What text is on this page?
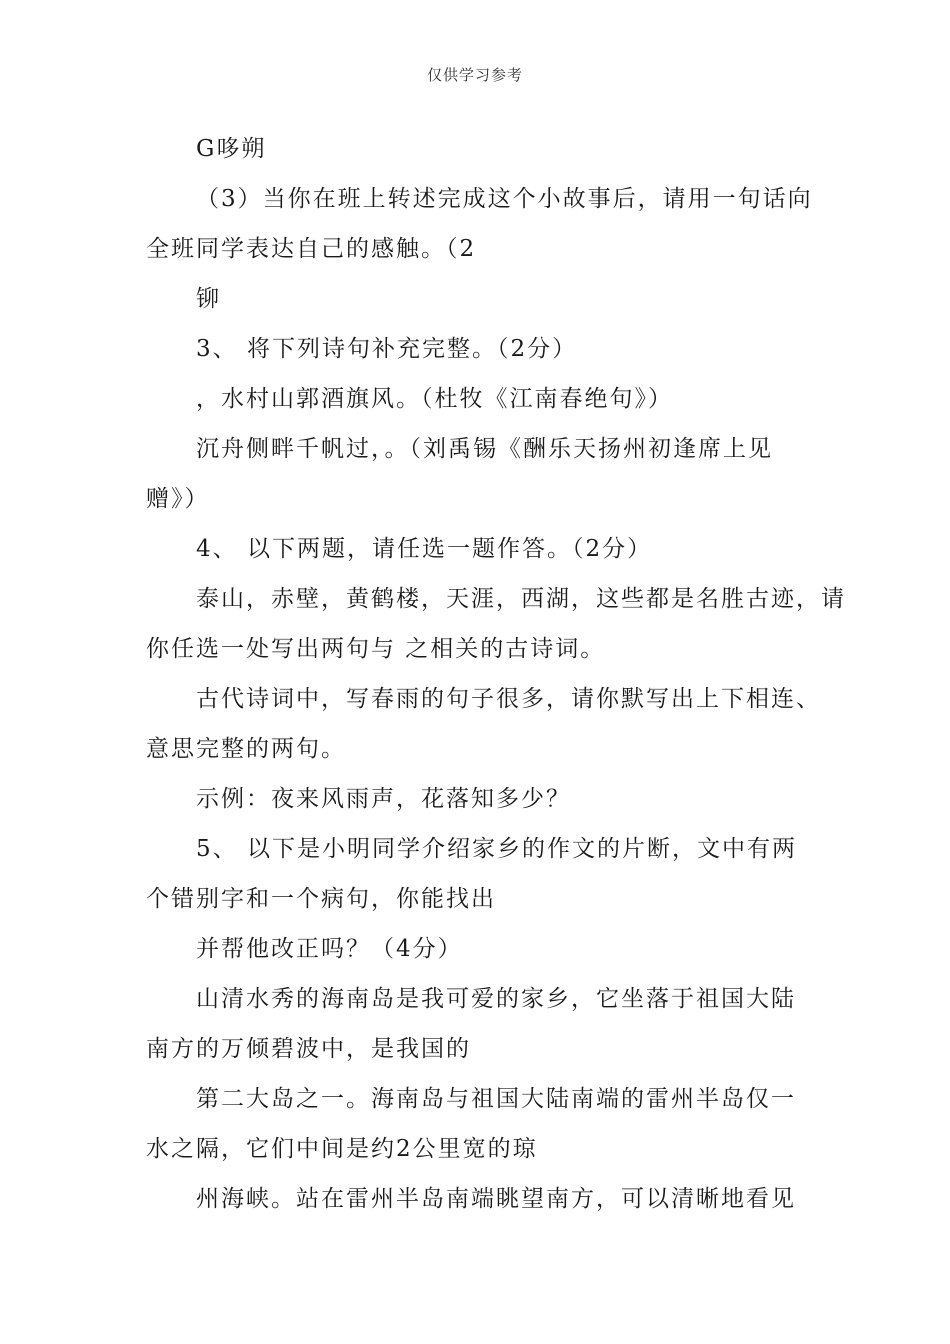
仅供学习参考
G哆朔
（3）当你在班上转述完成这个小故事后，请用一句话向
全班同学表达自己的感触。（2
铆
3、 将下列诗句补充完整。（2分）
，水村山郭酒旗风。（杜牧《江南春绝句》）
沉舟侧畔千帆过，。（刘禹锡《酬乐天扬州初逢席上见
赠》）
4、 以下两题，请任选一题作答。（2分）
泰山，赤壁，黄鹤楼，天涯，西湖，这些都是名胜古迹，请
你任选一处写出两句与 之相关的古诗词。
古代诗词中，写春雨的句子很多，请你默写出上下相连、
意思完整的两句。
示例：夜来风雨声，花落知多少？
5、 以下是小明同学介绍家乡的作文的片断，文中有两
个错别字和一个病句，你能找出
并帮他改正吗？（4分）
山清水秀的海南岛是我可爱的家乡，它坐落于祖国大陆
南方的万倾碧波中，是我国的
第二大岛之一。海南岛与祖国大陆南端的雷州半岛仅一
水之隔，它们中间是约2公里宽的琼
州海峡。站在雷州半岛南端眺望南方，可以清晰地看见
